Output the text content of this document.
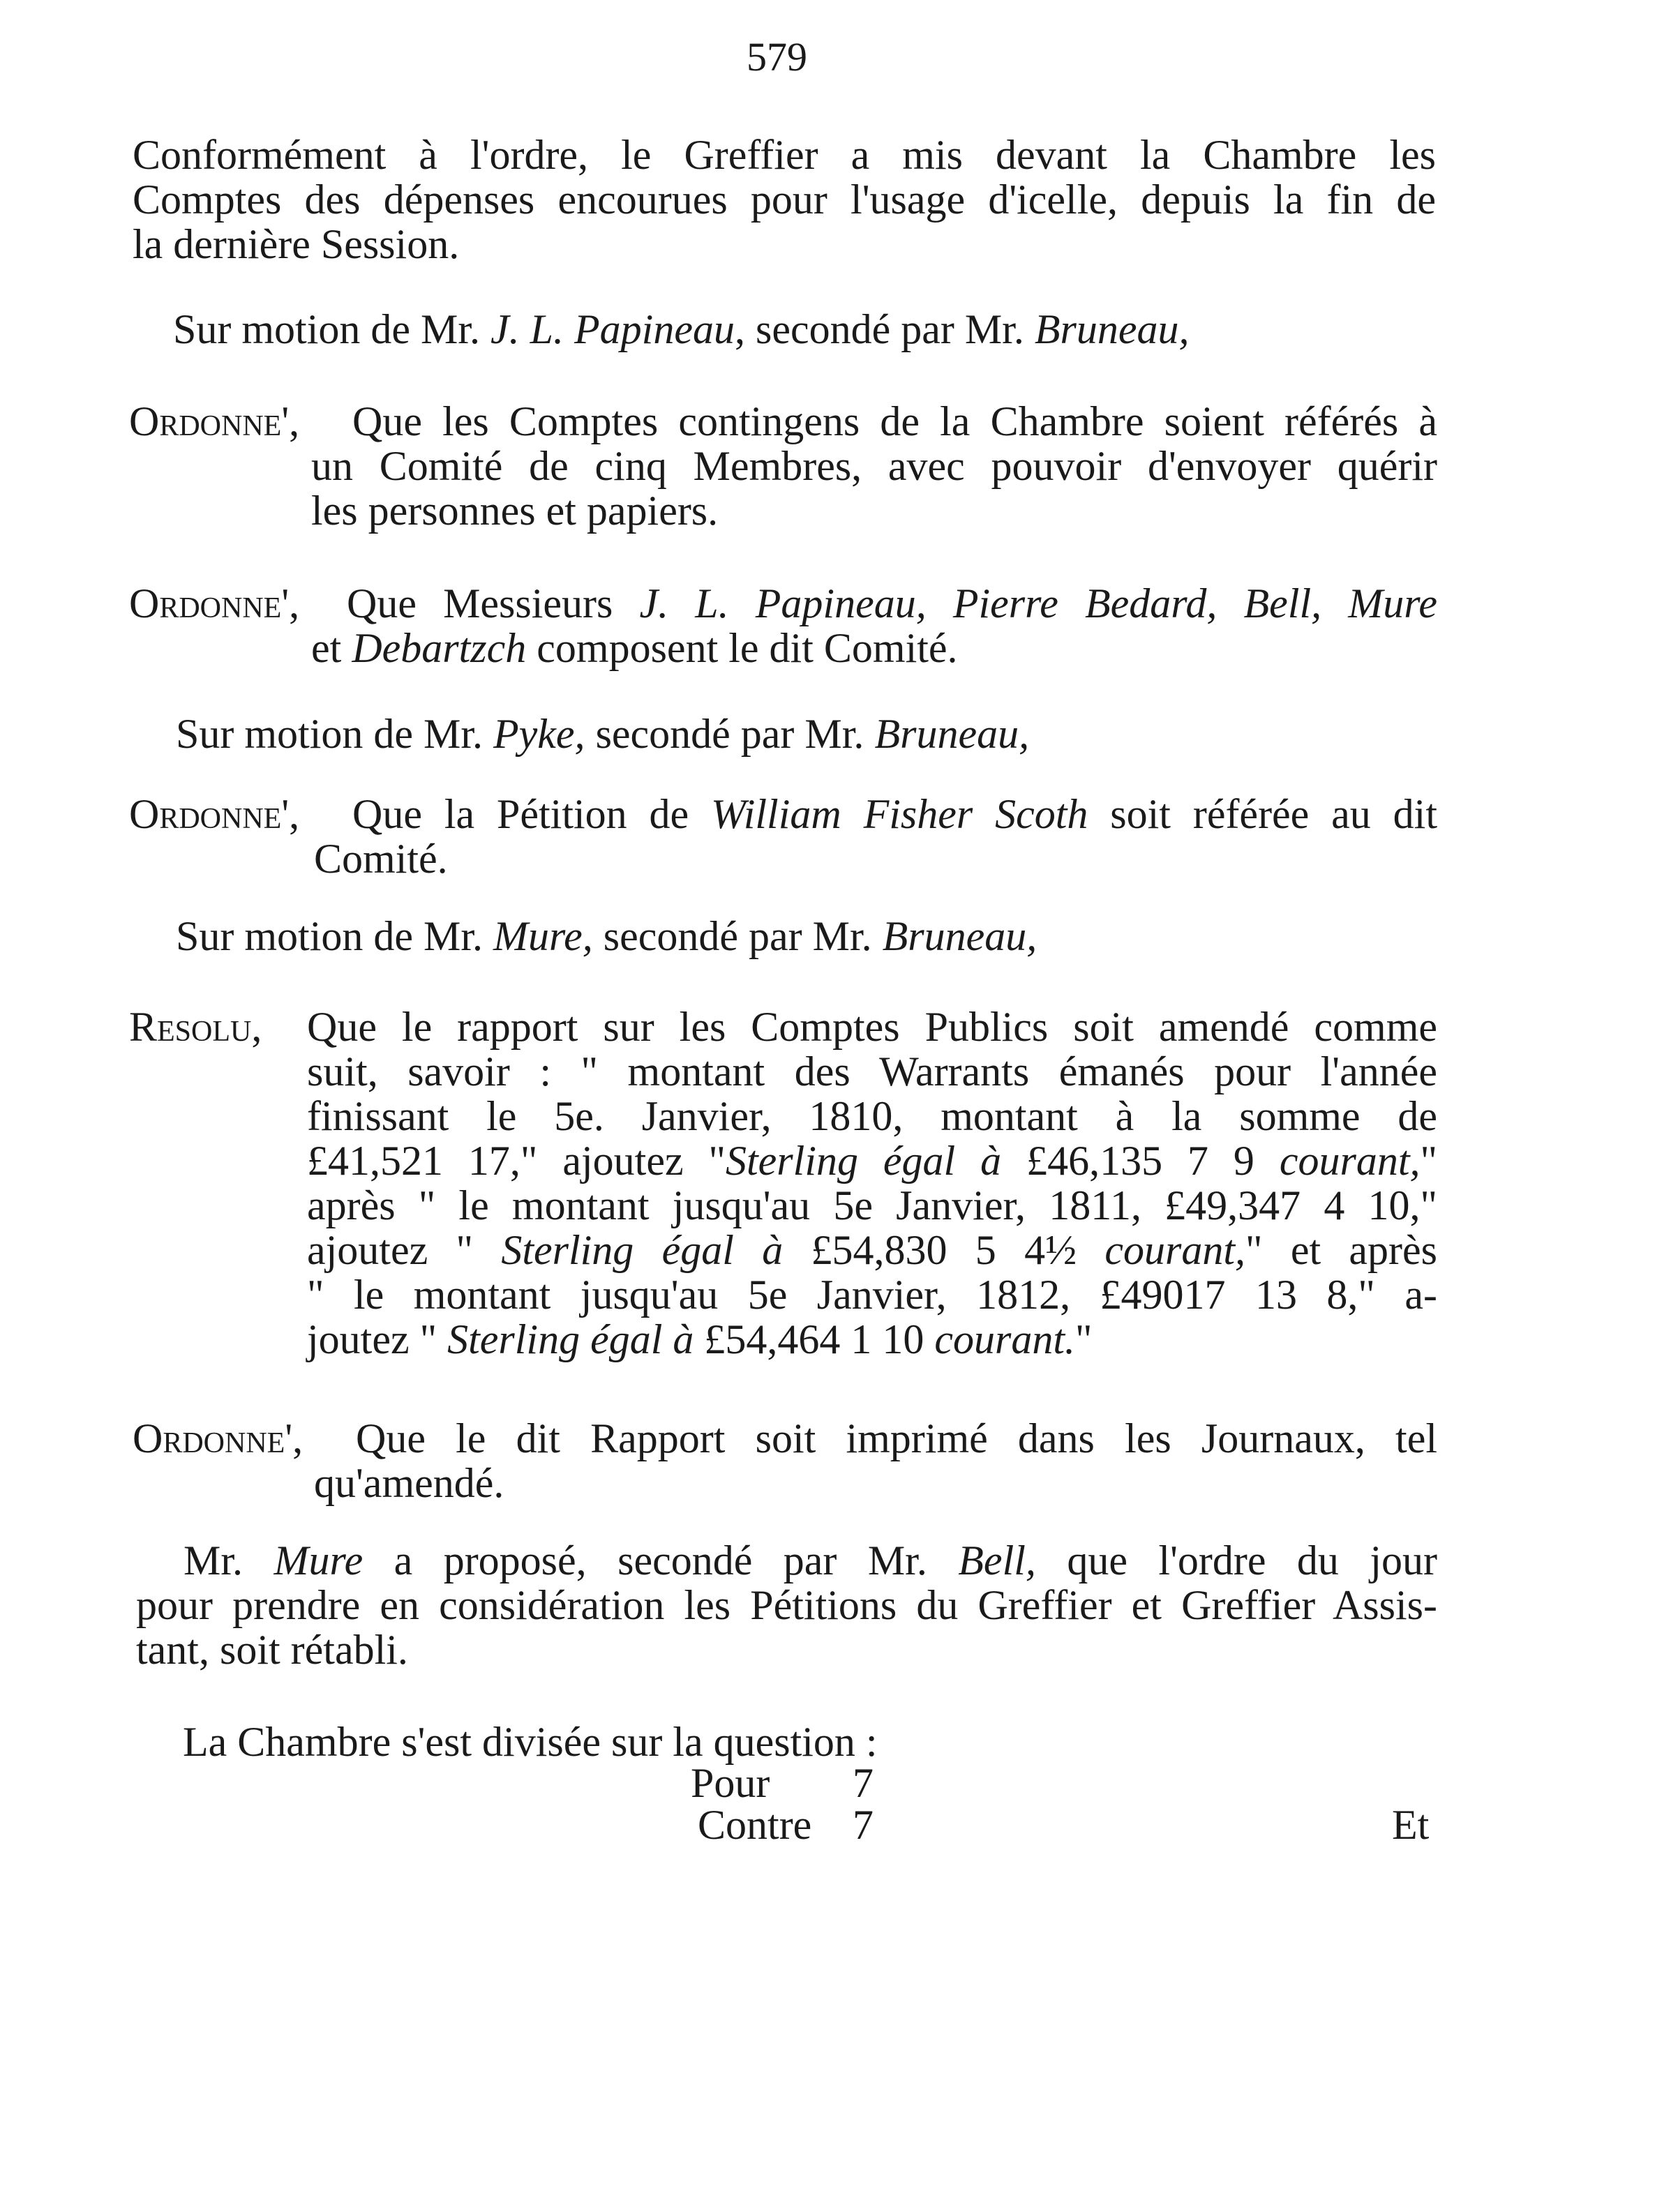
579
Conformément à l'ordre, le Greffier a mis devant la Chambre les
Comptes des dépenses encourues pour l'usage d'icelle, depuis la fin de
la dernière Session.
Sur motion de Mr. J. L. Papineau, secondé par Mr. Bruneau,
Ordonne', Que les Comptes contingens de la Chambre soient référés à
un Comité de cinq Membres, avec pouvoir d'envoyer quérir
les personnes et papiers.
Ordonne', Que Messieurs J. L. Papineau, Pierre Bedard, Bell, Mure
et Debartzch composent le dit Comité.
Sur motion de Mr. Pyke, secondé par Mr. Bruneau,
Ordonne', Que la Pétition de William Fisher Scoth soit référée au dit
Comité.
Sur motion de Mr. Mure, secondé par Mr. Bruneau,
Resolu, Que le rapport sur les Comptes Publics soit amendé comme
suit, savoir : " montant des Warrants émanés pour l'année
finissant le 5e. Janvier, 1810, montant à la somme de
£41,521 17," ajoutez "Sterling égal à £46,135 7 9 courant,"
après " le montant jusqu'au 5e Janvier, 1811, £49,347 4 10,"
ajoutez " Sterling égal à £54,830 5 4½ courant," et après
" le montant jusqu'au 5e Janvier, 1812, £49017 13 8," a-
joutez " Sterling égal à £54,464 1 10 courant."
Ordonne', Que le dit Rapport soit imprimé dans les Journaux, tel
qu'amendé.
Mr. Mure a proposé, secondé par Mr. Bell, que l'ordre du jour
pour prendre en considération les Pétitions du Greffier et Greffier Assis-
tant, soit rétabli.
La Chambre s'est divisée sur la question :
Pour 7
Contre 7	Et
